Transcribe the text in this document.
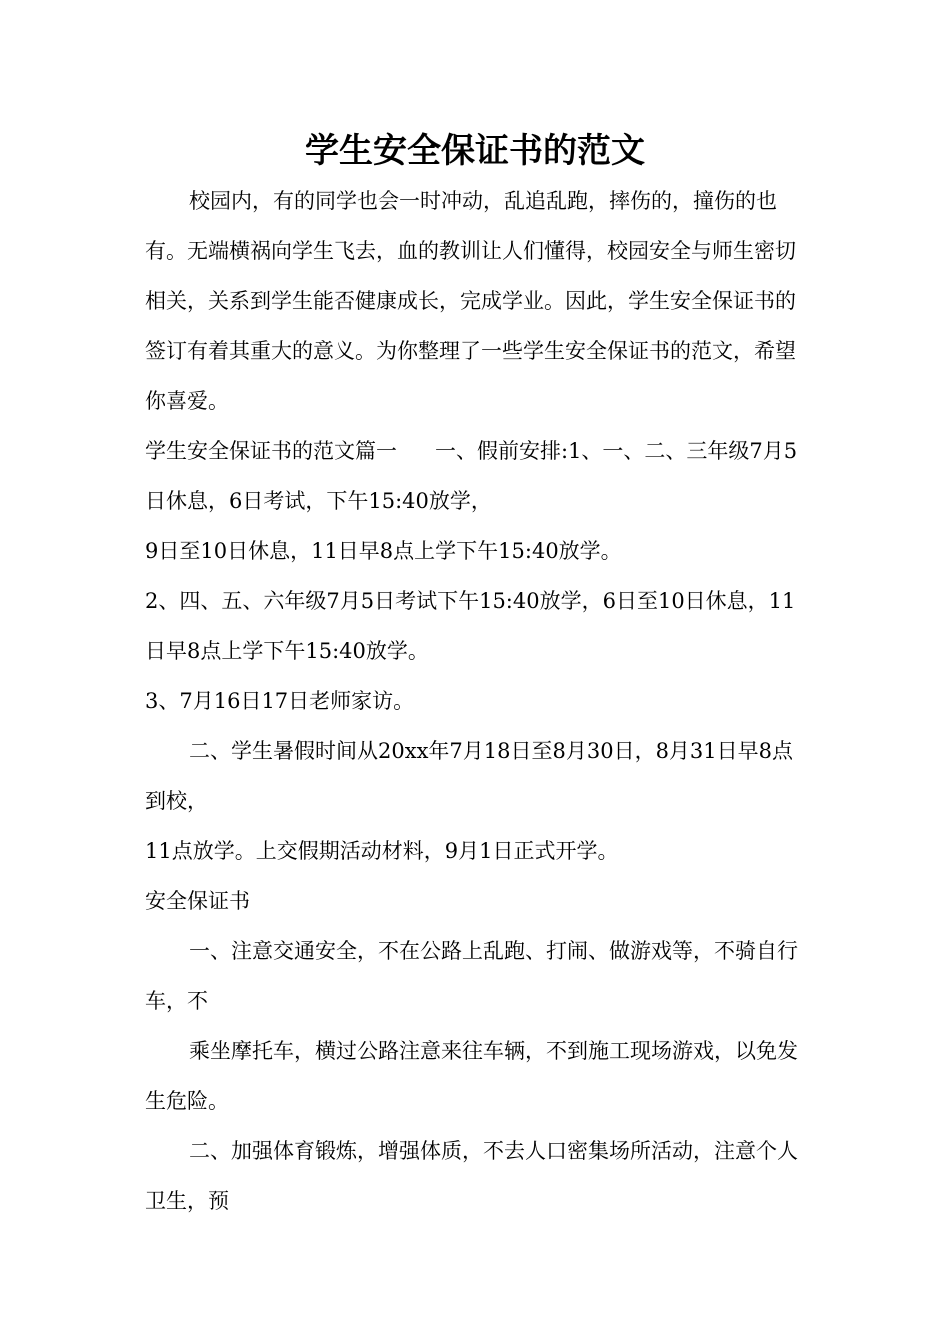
学生安全保证书的范文

校园内，有的同学也会一时冲动，乱追乱跑，摔伤的，撞伤的也有。无端横祸向学生飞去，血的教训让人们懂得，校园安全与师生密切相关，关系到学生能否健康成长，完成学业。因此，学生安全保证书的签订有着其重大的意义。为你整理了一些学生安全保证书的范文，希望你喜爱。

学生安全保证书的范文篇一 一、假前安排:1、一、二、三年级7月5日休息，6日考试，下午15:40放学，

9日至10日休息，11日早8点上学下午15:40放学。

2、四、五、六年级7月5日考试下午15:40放学，6日至10日休息，11日早8点上学下午15:40放学。

3、7月16日17日老师家访。

二、学生暑假时间从20xx年7月18日至8月30日，8月31日早8点到校，

11点放学。上交假期活动材料，9月1日正式开学。

安全保证书

一、注意交通安全，不在公路上乱跑、打闹、做游戏等，不骑自行车，不

乘坐摩托车，横过公路注意来往车辆，不到施工现场游戏，以免发生危险。

二、加强体育锻炼，增强体质，不去人口密集场所活动，注意个人卫生，预
